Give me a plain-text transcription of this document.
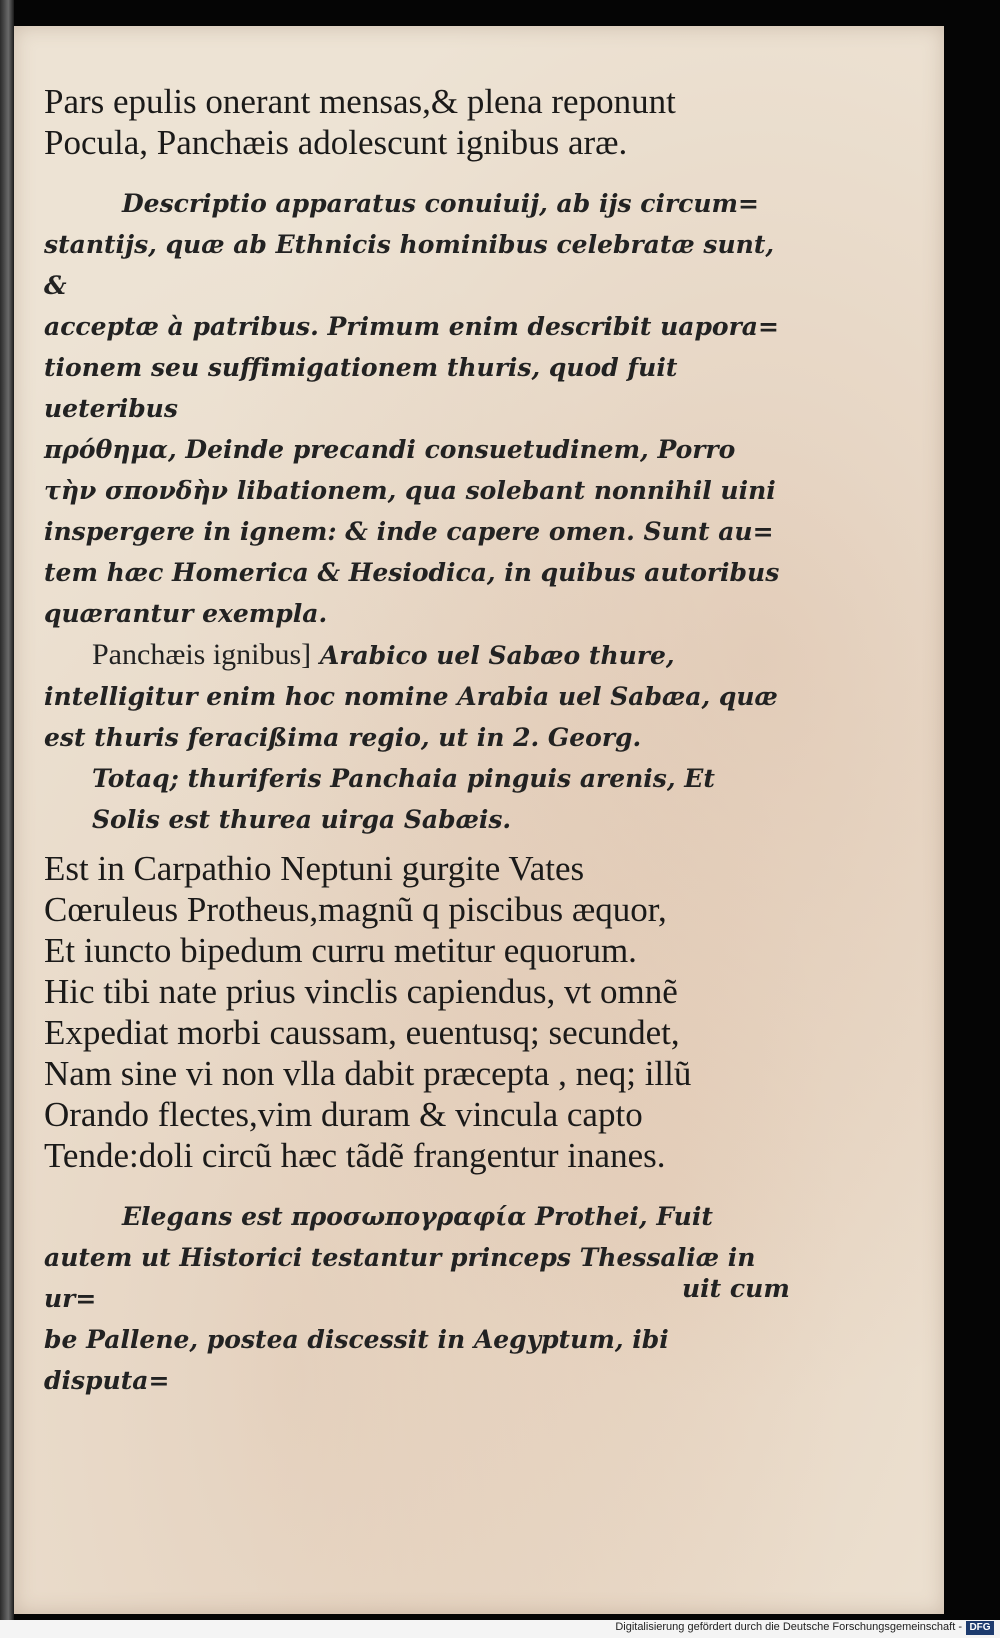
Pars epulis onerant mensas,& plena reponunt

Pocula, Panchæis adolescunt ignibus aræ.

Descriptio apparatus conuiuij, ab ijs circum=

stantijs, quæ ab Ethnicis hominibus celebratæ sunt, &

acceptæ à patribus. Primum enim describit uapora=

tionem seu suffimigationem thuris, quod fuit ueteribus

πρόθημα, Deinde precandi consuetudinem, Porro

τὴν σπονδὴν libationem, qua solebant nonnihil uini

inspergere in ignem: & inde capere omen. Sunt au=

tem hæc Homerica & Hesiodica, in quibus autoribus

quærantur exempla.

Panchæis ignibus] Arabico uel Sabæo thure,

intelligitur enim hoc nomine Arabia uel Sabæa, quæ

est thuris feracißima regio, ut in 2. Georg.

Totaq; thuriferis Panchaia pinguis arenis, Et

Solis est thurea uirga Sabæis.

Est in Carpathio Neptuni gurgite Vates

Cœruleus Protheus,magnũ q piscibus æquor,

Et iuncto bipedum curru metitur equorum.

Hic tibi nate prius vinclis capiendus, vt omnẽ

Expediat morbi caussam, euentusq; secundet,

Nam sine vi non vlla dabit præcepta , neq; illũ

Orando flectes,vim duram & vincula capto

Tende:doli circũ hæc tãdẽ frangentur inanes.

Elegans est προσωπογραφία Prothei, Fuit

autem ut Historici testantur princeps Thessaliæ in ur=

be Pallene, postea discessit in Aegyptum, ibi disputa=

uit cum
Digitalisierung gefördert durch die Deutsche Forschungsgemeinschaft - DFG
